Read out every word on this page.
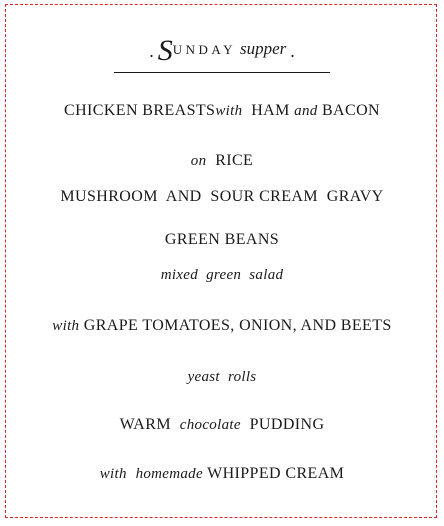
. $S^{UNDAY}$ supper .
CHICKEN BREASTSwith HAM and BACON
on RICE
MUSHROOM  AND  SOUR CREAM  GRAVY
GREEN BEANS
mixed  green  salad
with GRAPE TOMATOES, ONION, AND BEETS
yeast  rolls
WARM chocolate PUDDING
with homemade WHIPPED CREAM
